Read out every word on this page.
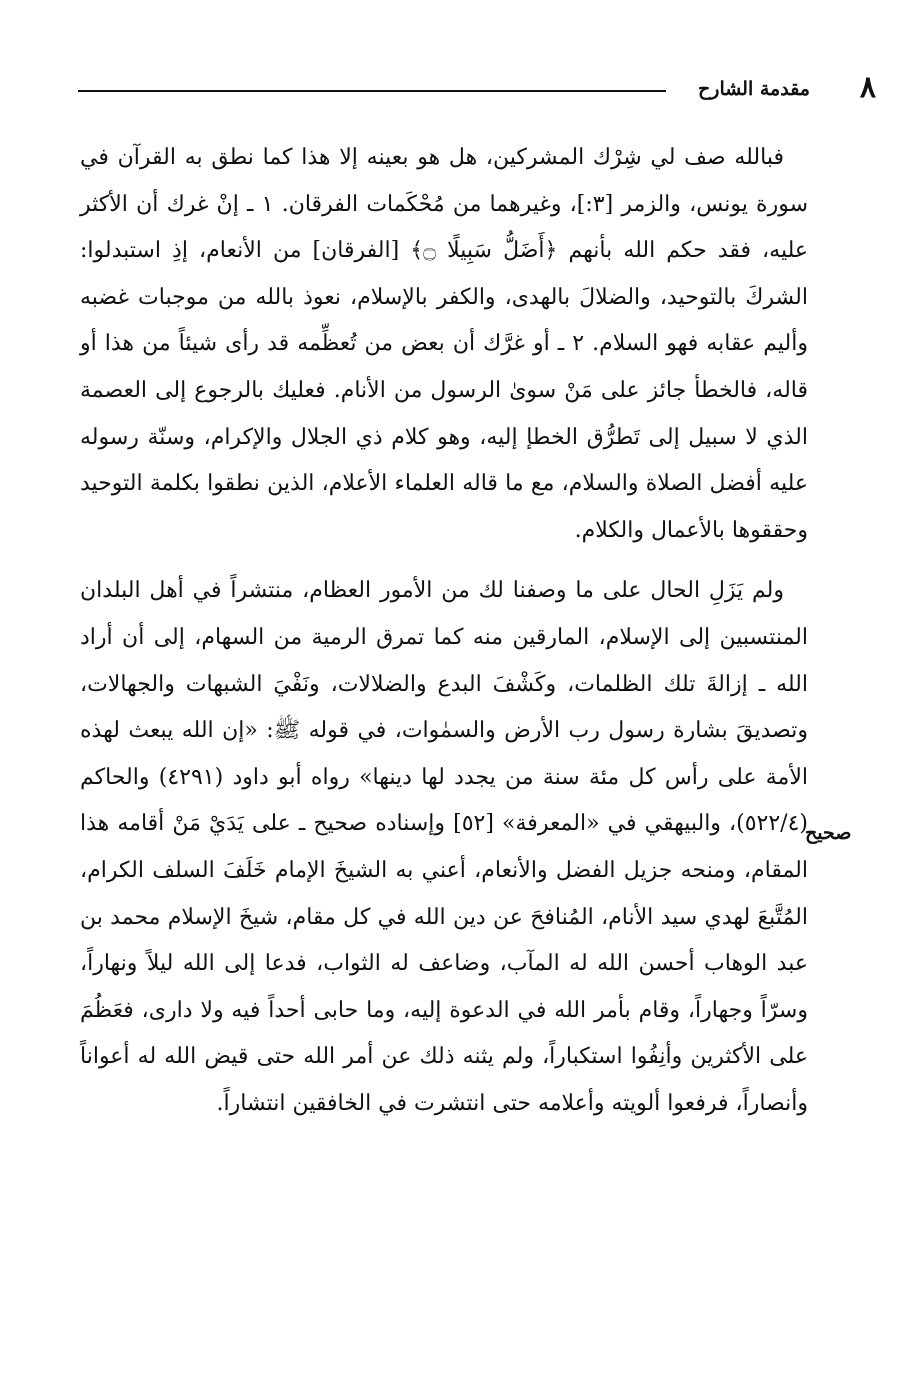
٨
مقدمة الشارح

فبالله صف لي شِرْك المشركين، هل هو بعينه إلا هذا كما نطق به القرآن في سورة يونس، والزمر [٣:]، وغيرهما من مُحْكَمات الفرقان. ١ ـ إنْ غرك أن الأكثر عليه، فقد حكم الله بأنهم ﴿أَضَلُّ سَبِيلًا ۝﴾ [الفرقان] من الأنعام، إذِ استبدلوا: الشركَ بالتوحيد، والضلالَ بالهدى، والكفر بالإسلام، نعوذ بالله من موجبات غضبه وأليم عقابه فهو السلام. ٢ ـ أو غرَّك أن بعض من تُعظِّمه قد رأى شيئاً من هذا أو قاله، فالخطأ جائز على مَنْ سوىٰ الرسول من الأنام. فعليك بالرجوع إلى العصمة الذي لا سبيل إلى تَطرُّق الخطإ إليه، وهو كلام ذي الجلال والإكرام، وسنّة رسوله عليه أفضل الصلاة والسلام، مع ما قاله العلماء الأعلام، الذين نطقوا بكلمة التوحيد وحققوها بالأعمال والكلام.

ولم يَزَلِ الحال على ما وصفنا لك من الأمور العظام، منتشراً في أهل البلدان المنتسبين إلى الإسلام، المارقين منه كما تمرق الرمية من السهام، إلى أن أراد الله ـ إزالةَ تلك الظلمات، وكَشْفَ البدع والضلالات، ونَفْيَ الشبهات والجهالات، وتصديقَ بشارة رسول رب الأرض والسمٰوات، في قوله ﷺ: «إن الله يبعث لهذه الأمة على رأس كل مئة سنة من يجدد لها دينها» رواه أبو داود (٤٢٩١) والحاكم (٥٢٢/٤)، والبيهقي في «المعرفة» [٥٢] وإسناده صحيح ـ على يَدَيْ مَنْ أقامه هذا المقام، ومنحه جزيل الفضل والأنعام، أعني به الشيخَ الإمام خَلَفَ السلف الكرام، المُتَّبعَ لهدي سيد الأنام، المُنافحَ عن دين الله في كل مقام، شيخَ الإسلام محمد بن عبد الوهاب أحسن الله له المآب، وضاعف له الثواب، فدعا إلى الله ليلاً ونهاراً، وسرّاً وجهاراً، وقام بأمر الله في الدعوة إليه، وما حابى أحداً فيه ولا دارى، فعَظُمَ على الأكثرين وأنِفُوا استكباراً، ولم يثنه ذلك عن أمر الله حتى قيض الله له أعواناً وأنصاراً، فرفعوا ألويته وأعلامه حتى انتشرت في الخافقين انتشاراً.

صحيح
